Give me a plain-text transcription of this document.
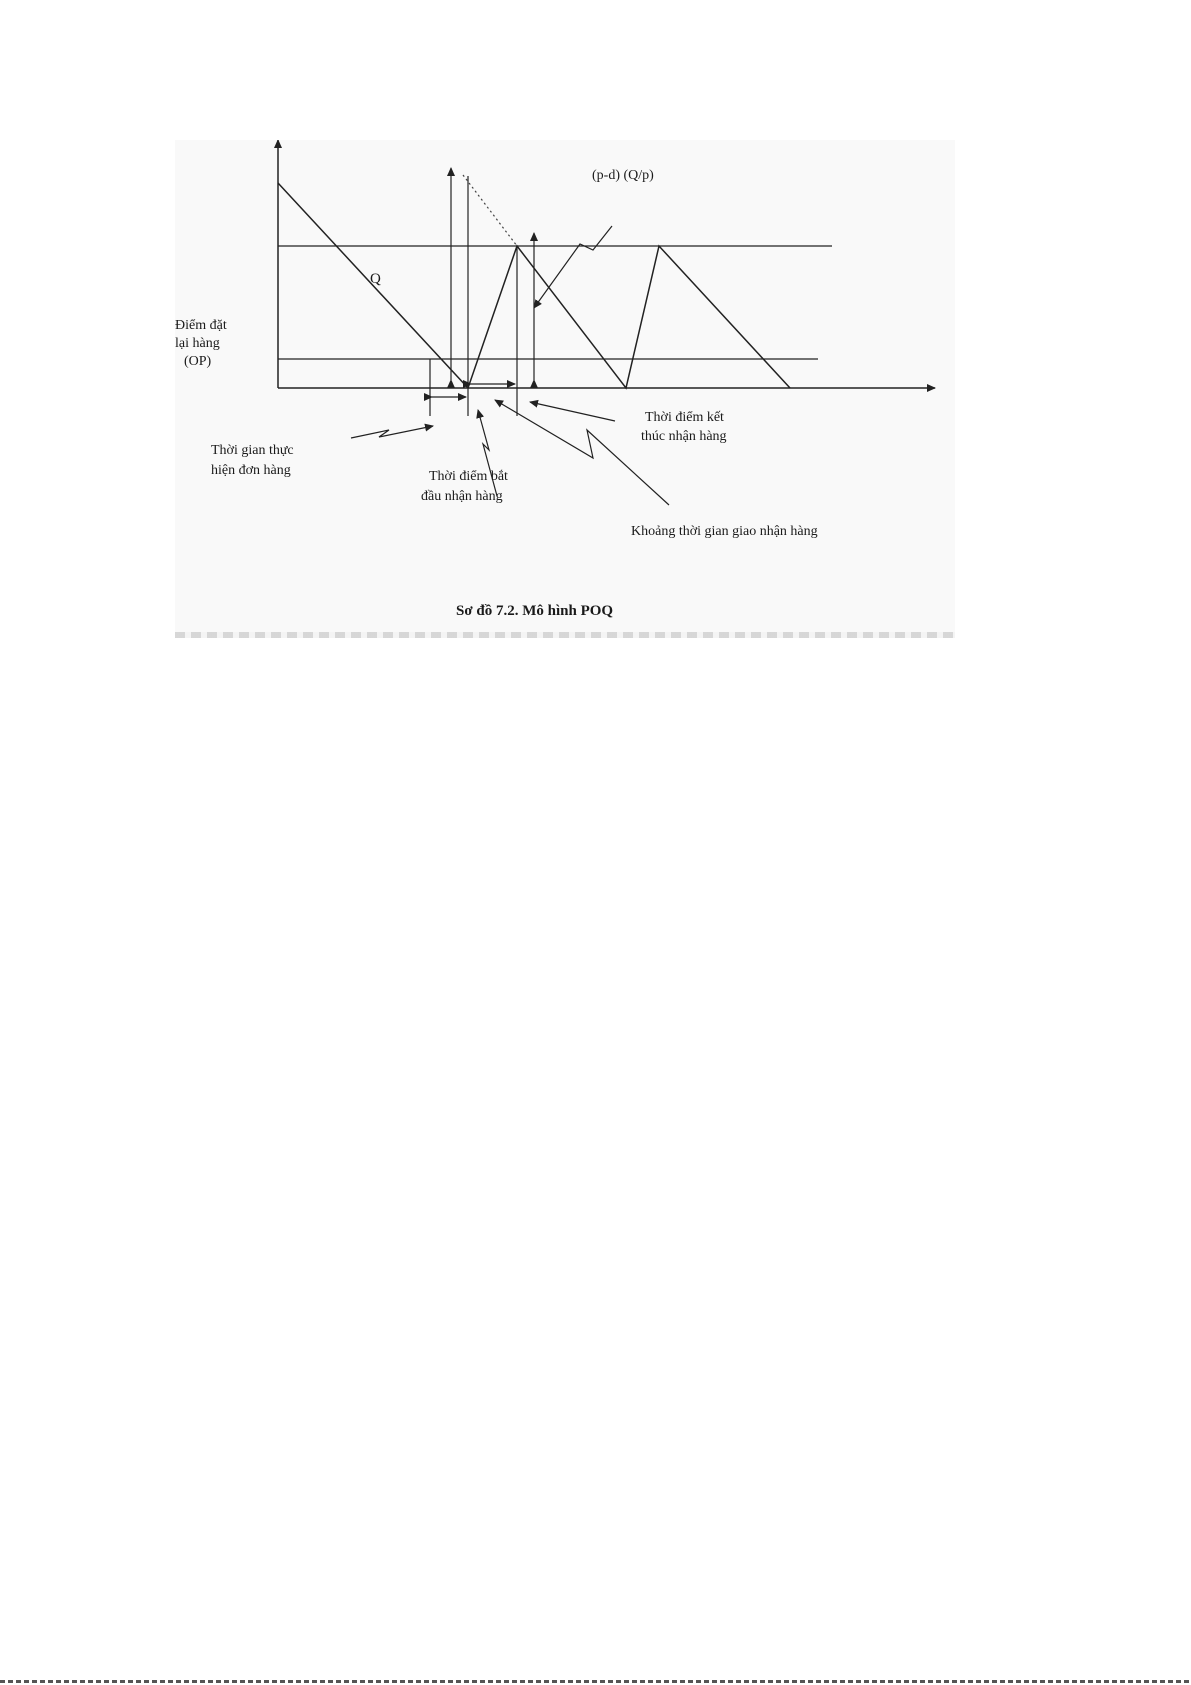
Q
(p-d) (Q/p)
Điểm đặt
lại hàng
(OP)
Thời gian thực
hiện đơn hàng	Thời điểm bắt
đầu nhận hàng
Thời điểm kết
thúc nhận hàng
Khoảng thời gian giao nhận hàng
Sơ đồ 7.2. Mô hình POQ
